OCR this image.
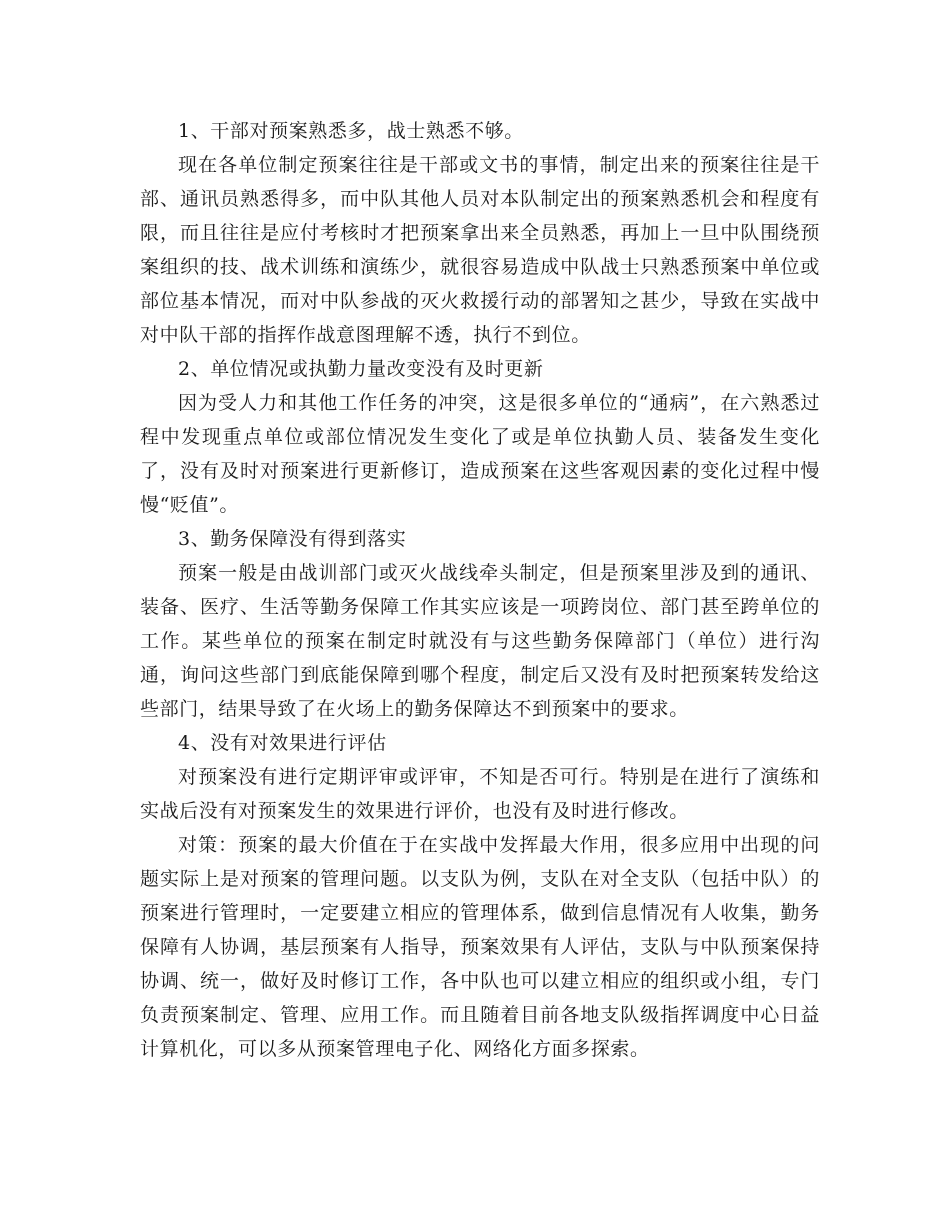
1、干部对预案熟悉多，战士熟悉不够。

现在各单位制定预案往往是干部或文书的事情，制定出来的预案往往是干部、通讯员熟悉得多，而中队其他人员对本队制定出的预案熟悉机会和程度有限，而且往往是应付考核时才把预案拿出来全员熟悉，再加上一旦中队围绕预案组织的技、战术训练和演练少，就很容易造成中队战士只熟悉预案中单位或部位基本情况，而对中队参战的灭火救援行动的部署知之甚少，导致在实战中对中队干部的指挥作战意图理解不透，执行不到位。

2、单位情况或执勤力量改变没有及时更新

因为受人力和其他工作任务的冲突，这是很多单位的“通病”，在六熟悉过程中发现重点单位或部位情况发生变化了或是单位执勤人员、装备发生变化了，没有及时对预案进行更新修订，造成预案在这些客观因素的变化过程中慢慢“贬值”。

3、勤务保障没有得到落实

预案一般是由战训部门或灭火战线牵头制定，但是预案里涉及到的通讯、装备、医疗、生活等勤务保障工作其实应该是一项跨岗位、部门甚至跨单位的工作。某些单位的预案在制定时就没有与这些勤务保障部门（单位）进行沟通，询问这些部门到底能保障到哪个程度，制定后又没有及时把预案转发给这些部门，结果导致了在火场上的勤务保障达不到预案中的要求。

4、没有对效果进行评估

对预案没有进行定期评审或评审，不知是否可行。特别是在进行了演练和实战后没有对预案发生的效果进行评价，也没有及时进行修改。

对策：预案的最大价值在于在实战中发挥最大作用，很多应用中出现的问题实际上是对预案的管理问题。以支队为例，支队在对全支队（包括中队）的预案进行管理时，一定要建立相应的管理体系，做到信息情况有人收集，勤务保障有人协调，基层预案有人指导，预案效果有人评估，支队与中队预案保持协调、统一，做好及时修订工作，各中队也可以建立相应的组织或小组，专门负责预案制定、管理、应用工作。而且随着目前各地支队级指挥调度中心日益计算机化，可以多从预案管理电子化、网络化方面多探索。
